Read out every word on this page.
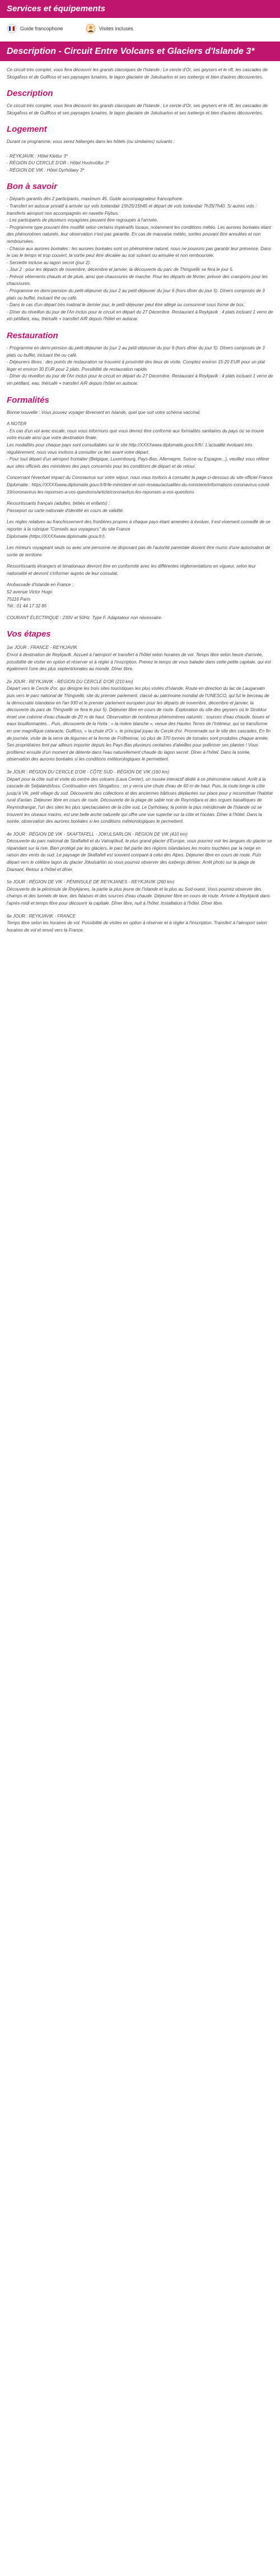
Services et équipements
Guide francophone	Visites incluses
Description - Circuit Entre Volcans et Glaciers d'Islande 3*

Ce circuit très complet, vous fera découvrir les grands classiques de l'Islande : Le cercle d'Or, ses geysers et le rift, les cascades de Skogafoss et de Gullfoss et ses paysages lunaires, le lagon glaciaire de Jokulsarlon et ses icebergs et bien d'autres découvertes.

Description

Ce circuit très complet, vous fera découvrir les grands classiques de l'Islande : Le cercle d'Or, ses geysers et le rift, les cascades de Skogafoss et de Gullfoss et ses paysages lunaires, le lagon glaciaire de Jokulsarlon et ses icebergs et bien d'autres découvertes.

Logement

Durant ce programme, vous serez hébergés dans les hôtels (ou similaires) suivants :

- REYKJAVIK : Hôtel Klettur 3*
- RÉGION DU CERCLE D'OR : Hôtel Hvolsvöllur 3*
- RÉGION DE VIK : Hôtel Dyrhólaey 3*

Bon à savoir

- Départs garantis dès 2 participants, maximum 45. Guide accompagnateur francophone.
- Transfert en autocar privatif à arrivée sur vols Icelandair 15h25/15h45 et départ de vols Icelandair 7h35/7h40. Si autres vols : transferts aéroport non accompagnés en navette Flybus.
- Les participants de plusieurs voyagistes peuvent être regroupés à l'arrivée.
- Programme type pouvant être modifié selon certains impératifs locaux, notamment les conditions météo. Les aurores boréales étant des phénomènes naturels, leur observation n'est pas garantie. En cas de mauvaise météo, sorties pouvant être annulées et non remboursées.
- Chasse aux aurores boréales : les aurores boréales sont un phénomène naturel, nous ne pouvons pas garantir leur présence. Dans le cas le temps et trop couvert, la sortie peut être décalée au soir suivant ou annulée et non remboursée.
- Serviette incluse au lagon secret (jour 2).
- Jour 2 : pour les départs de novembre, décembre et janvier, la découverte du parc de Thingvellir se fera le jour 5.
- Prévoir vêtements chauds et de pluie, ainsi que chaussures de marche. Pour les départs de février, prévoir des crampons pour les chaussures.
- Programme en demi-pension du petit-déjeuner du jour 2 au petit-déjeuner du jour 6 (hors dîner du jour 5). Dîners composés de 3 plats ou buffet, incluant thé ou café.
- Dans le cas d'un départ très matinal le dernier jour, le petit-déjeuner peut être allégé ou consommé sous forme de box.
- Dîner du réveillon du jour de l'An inclus pour le circuit en départ du 27 Décembre. Restaurant à Reykjavik : 4 plats incluant 1 verre de vin pétillant, eau, thé/café + transfert A/R depuis l'hôtel en autocar.

Restauration

- Programme en demi-pension du petit-déjeuner du jour 2 au petit-déjeuner du jour 6 (hors dîner du jour 5). Dîners composés de 3 plats ou buffet, incluant thé ou café.
- Déjeuners libres : des points de restauration se trouvent à proximité des lieux de visite. Comptez environ 15-20 EUR pour un plat léger et environ 30 EUR pour 2 plats. Possibilité de restauration rapide.
- Dîner du réveillon du jour de l'An inclus pour le circuit en départ du 27 Décembre. Restaurant à Reykjavik : 4 plats incluant 1 verre de vin pétillant, eau, thé/café + transfert A/R depuis l'hôtel en autocar.

Formalités

Bonne nouvelle : Vous pouvez voyager librement en Islande, quel que soit votre schéma vaccinal.

A NOTER
- En cas d'un vol avec escale, nous vous informons que vous devrez être conforme aux formalités sanitaires du pays où se trouve votre escale ainsi que votre destination finale.
Les modalités pour chaque pays sont consultables sur le site http://XXXXwww.diplomatie.gouv.fr/fr/. L'actualité évoluant très régulièrement, nous vous invitons à consulter ce lien avant votre départ.
- Pour tout départ d'un aéroport frontalier (Belgique, Luxembourg, Pays-Bas, Allemagne, Suisse ou Espagne...), veuillez vous référer aux sites officiels des ministères des pays concernés pour les conditions de départ et de retour.

Concernant l'éventuel impact du Coronavirus sur votre séjour, nous vous invitons à consulter la page ci-dessous du site officiel France Diplomatie : https://XXXXwww.diplomatie.gouv.fr/fr/le-ministere-et-son-reseau/actualites-du-ministere/informations-coronavirus-covid-19/coronavirus-les-reponses-a-vos-questions/article/coronavirus-les-reponses-a-vos-questions

Ressortissants français (adultes, bébés et enfants) :
Passeport ou carte nationale d'identité en cours de validité.

Les règles relatives au franchissement des frontières propres à chaque pays étant amenées à évoluer, il est vivement conseillé de se reporter à la rubrique "Conseils aux voyageurs" du site France
Diplomatie (https://XXXXwww.diplomatie.gouv.fr/).

Les mineurs voyageant seuls ou avec une personne ne disposant pas de l'autorité parentale doivent être munis d'une autorisation de sortie de territoire.

Ressortissants étrangers et binationaux devront être en conformité avec les différentes réglementations en vigueur, selon leur nationalité et devront s'informer auprès de leur consulat.

Ambassade d'Islande en France :
52 avenue Victor Hugo
75116 Paris
Tél : 01 44 17 32 85

COURANT ÉLECTRIQUE : 230V et 50Hz. Type F. Adaptateur non nécessaire.

Vos étapes
1er JOUR : FRANCE - REYKJAVIK
Envol à destination de Reykjavik. Accueil à l'aéroport et transfert à l'hôtel selon horaires de vol. Temps libre selon heure d'arrivée, possibilité de visiter en option et réserver et à régler à l'inscription. Prenez le temps de vous balader dans cette petite capitale, qui est également l'une des plus septentrionales au monde. Dîner libre.
2e JOUR : REYKJAVIK - RÉGION DU CERCLE D'OR (210 km)
Départ vers le Cercle d'or, qui désigne les trois sites touristiques les plus visités d'Islande. Route en direction du lac de Laugarvatn puis vers le parc national de Thingvellir, site du premier parlement, classé au patrimoine mondial de l'UNESCO, qui fut le berceau de la démocratie islandaise en l'an 930 et le premier parlement européen pour les départs de novembre, décembre et janvier, la découverte du parc de Thingvellir se fera le jour 5). Déjeuner libre en cours de route. Exploration du site des geysers où le Strokkur émet une colonne d'eau chaude de 20 m de haut. Observation de nombreux phénomènes naturels : sources d'eau chaude, boues et eaux bouillonnantes... Puis, découverte de la Hvita : « la rivière blanche », venue des Hautes Terres de l'Intérieur, qui se transforme en une magnifique cataracte, Gullfoss, « la chute d'Or », le principal joyau du Cercle d'or. Promenade sur le site des cascades. En fin de journée, visite de la serre de légumes et la ferme de Friðheimar, où plus de 370 tonnes de tomates sont produites chaque année. Ses propriétaires font par ailleurs importer depuis les Pays-Bas plusieurs centaines d'abeilles pour polliniser ses plantes ! Vous profiterez ensuite d'un moment de détente dans l'eau naturellement chaude du lagon secret. Dîner à l'hôtel. Dans la soirée, observation des aurores boréales si les conditions météorologiques le permettent.
3e JOUR : RÉGION DU CERCLE D'OR - CÔTE SUD - RÉGION DE VIK (160 km)
Départ pour la côte sud et visite du centre des volcans (Lava Center), un musée interactif dédié à ce phénomène naturel. Arrêt à la cascade de Seljalandsfoss. Continuation vers Skogafoss ; on y verra une chute d'eau de 60 m de haut. Puis, la route longe la côte jusqu'à Vik, petit village du sud. Découverte des collections et des anciennes bâtisses déplacées sur place pour y reconstituer l'habitat rural d'antan. Déjeuner libre en cours de route. Découverte de la plage de sable noir de Reynisfjara et des orgues basaltiques de Reynisdrangar, l'un des sites les plus spectaculaires de la côte sud. Le Dyrhólaey, la pointe la plus méridionale de l'Islande où se trouvent les oiseaux marins, est une belle arche naturelle qui offre une vue superbe sur la côte et l'océan. Dîner à l'hôtel. Dans la soirée, observation des aurores boréales si les conditions météorologiques le permettent.
4e JOUR : RÉGION DE VIK - SKAFTAFELL - JOKULSARLON - RÉGION DE VIK (410 km)
Découverte du parc national de Skaftafell et du Vatnajökull, le plus grand glacier d'Europe, vous pourrez voir les langues du glacier se répandant sur la rive. Bien protégé par les glaciers, le parc fait partie des régions islandaises les moins touchées par la neige en raison des vents du sud. Le paysage de Skaftafell est souvent comparé à celui des Alpes. Déjeuner libre en cours de route. Puis départ vers le célèbre lagon du glacier Jökulsárlón où vous pourrez observer des icebergs dériver. Arrêt photo sur la plage de Diamant. Retour à l'hôtel et dîner.
5e JOUR : RÉGION DE VIK - PÉNINSULE DE REYKJANES - REYKJAVIK (260 km)
Découverte de la péninsule de Reykjanes, la partie la plus jeune de l'Islande et la plus au Sud-ouest. Vous pourrez observer des champs et des tunnels de lave, des falaises et des sources d'eau chaude. Déjeuner libre en cours de route. Arrivée à Reykjavik dans l'après-midi et temps libre pour découvrir la capitale. Dîner libre, nuit à l'hôtel. Installation à l'hôtel. Dîner libre.
6e JOUR : REYKJAVIK - FRANCE
Temps libre selon les horaires de vol. Possibilité de visites en option à réserver et à régler à l'inscription. Transfert à l'aéroport selon horaires de vol et envol vers la France.
